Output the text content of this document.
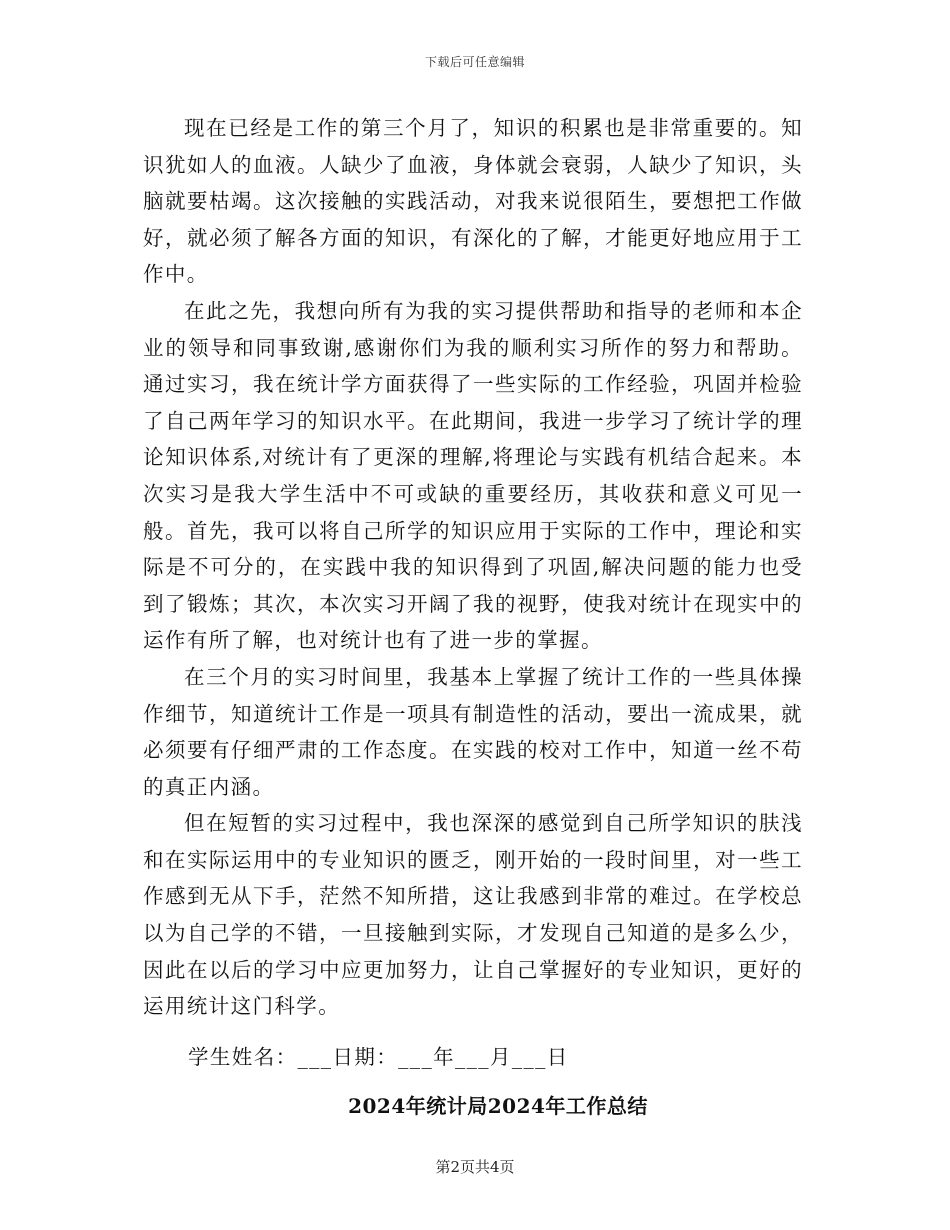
下载后可任意编辑

现在已经是工作的第三个月了，知识的积累也是非常重要的。知识犹如人的血液。人缺少了血液，身体就会衰弱，人缺少了知识，头脑就要枯竭。这次接触的实践活动，对我来说很陌生，要想把工作做好，就必须了解各方面的知识，有深化的了解，才能更好地应用于工作中。

在此之先，我想向所有为我的实习提供帮助和指导的老师和本企业的领导和同事致谢,感谢你们为我的顺利实习所作的努力和帮助。通过实习，我在统计学方面获得了一些实际的工作经验，巩固并检验了自己两年学习的知识水平。在此期间，我进一步学习了统计学的理论知识体系,对统计有了更深的理解,将理论与实践有机结合起来。本次实习是我大学生活中不可或缺的重要经历，其收获和意义可见一般。首先，我可以将自己所学的知识应用于实际的工作中，理论和实际是不可分的，在实践中我的知识得到了巩固,解决问题的能力也受到了锻炼；其次，本次实习开阔了我的视野，使我对统计在现实中的运作有所了解，也对统计也有了进一步的掌握。

在三个月的实习时间里，我基本上掌握了统计工作的一些具体操作细节，知道统计工作是一项具有制造性的活动，要出一流成果，就必须要有仔细严肃的工作态度。在实践的校对工作中，知道一丝不苟的真正内涵。

但在短暂的实习过程中，我也深深的感觉到自己所学知识的肤浅和在实际运用中的专业知识的匮乏，刚开始的一段时间里，对一些工作感到无从下手，茫然不知所措，这让我感到非常的难过。在学校总以为自己学的不错，一旦接触到实际，才发现自己知道的是多么少，因此在以后的学习中应更加努力，让自己掌握好的专业知识，更好的运用统计这门科学。

学生姓名：___日期：___年___月___日
2024年统计局2024年工作总结
第2页共4页
